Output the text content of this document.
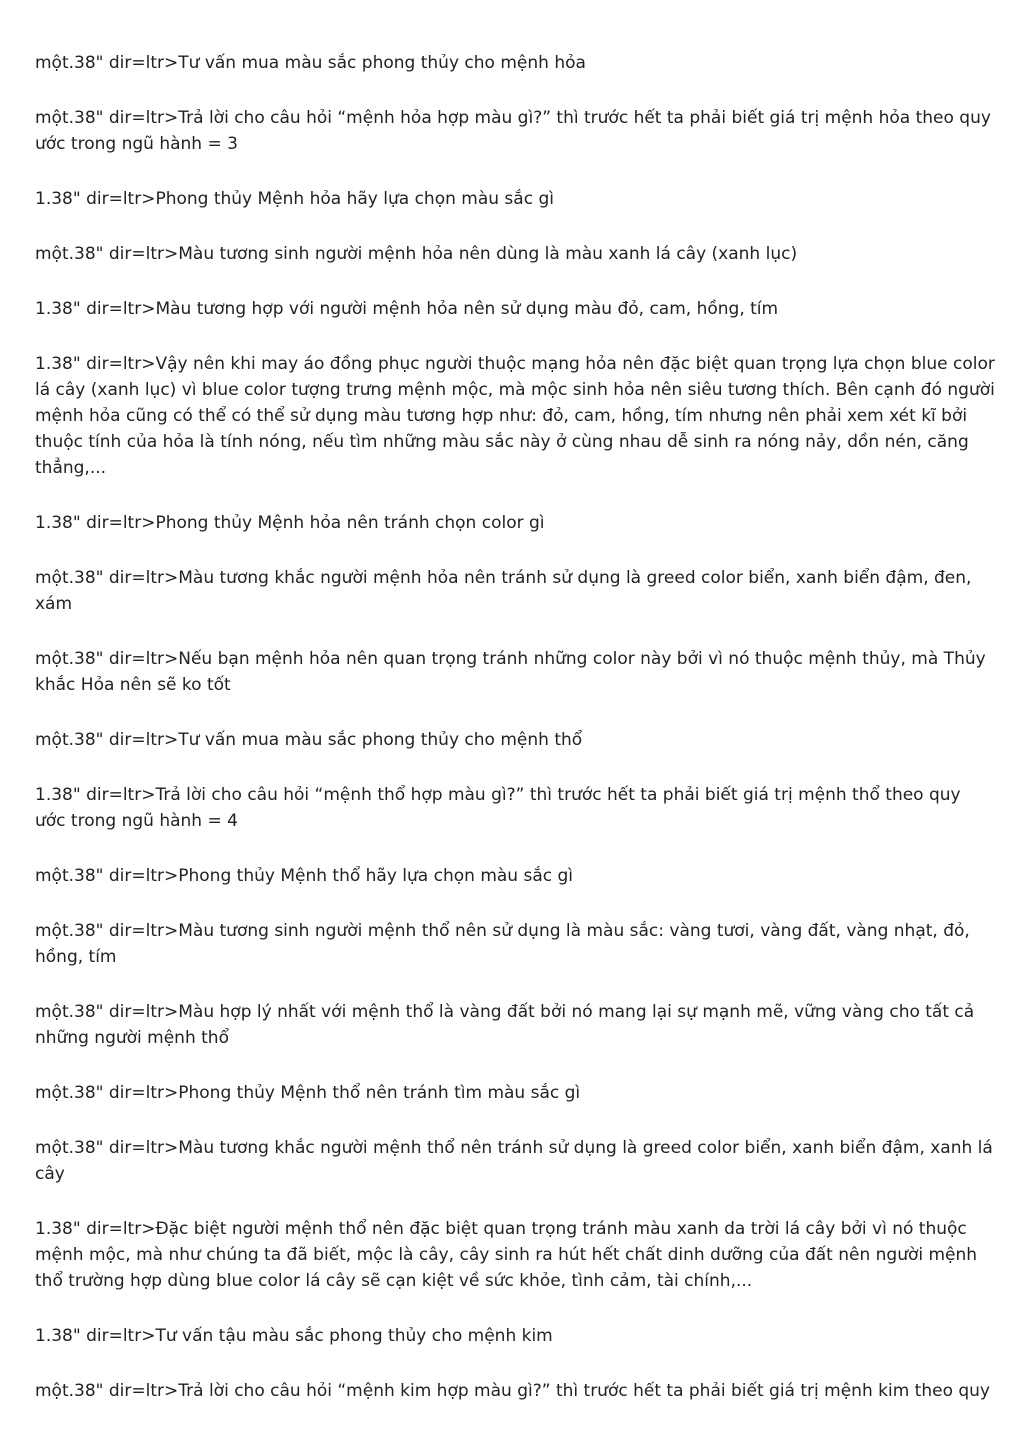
một.38" dir=ltr>Tư vấn mua màu sắc phong thủy cho mệnh hỏa

một.38" dir=ltr>Trả lời cho câu hỏi “mệnh hỏa hợp màu gì?” thì trước hết ta phải biết giá trị mệnh hỏa theo quy ước trong ngũ hành = 3

1.38" dir=ltr>Phong thủy Mệnh hỏa hãy lựa chọn màu sắc gì

một.38" dir=ltr>Màu tương sinh người mệnh hỏa nên dùng là màu xanh lá cây (xanh lục)

1.38" dir=ltr>Màu tương hợp với người mệnh hỏa nên sử dụng màu đỏ, cam, hồng, tím

1.38" dir=ltr>Vậy nên khi may áo đồng phục người thuộc mạng hỏa nên đặc biệt quan trọng lựa chọn blue color lá cây (xanh lục) vì blue color tượng trưng mệnh mộc, mà mộc sinh hỏa nên siêu tương thích. Bên cạnh đó người mệnh hỏa cũng có thể có thể sử dụng màu tương hợp như: đỏ, cam, hồng, tím nhưng nên phải xem xét kĩ bởi thuộc tính của hỏa là tính nóng, nếu tìm những màu sắc này ở cùng nhau dễ sinh ra nóng nảy, dồn nén, căng thẳng,...

1.38" dir=ltr>Phong thủy Mệnh hỏa nên tránh chọn color gì

một.38" dir=ltr>Màu tương khắc người mệnh hỏa nên tránh sử dụng là greed color biển, xanh biển đậm, đen, xám

một.38" dir=ltr>Nếu bạn mệnh hỏa nên quan trọng tránh những color này bởi vì nó thuộc mệnh thủy, mà Thủy khắc Hỏa nên sẽ ko tốt

một.38" dir=ltr>Tư vấn mua màu sắc phong thủy cho mệnh thổ

1.38" dir=ltr>Trả lời cho câu hỏi “mệnh thổ hợp màu gì?” thì trước hết ta phải biết giá trị mệnh thổ theo quy ước trong ngũ hành = 4

một.38" dir=ltr>Phong thủy Mệnh thổ hãy lựa chọn màu sắc gì

một.38" dir=ltr>Màu tương sinh người mệnh thổ nên sử dụng là màu sắc: vàng tươi, vàng đất, vàng nhạt, đỏ, hồng, tím

một.38" dir=ltr>Màu hợp lý nhất với mệnh thổ là vàng đất bởi nó mang lại sự mạnh mẽ, vững vàng cho tất cả những người mệnh thổ

một.38" dir=ltr>Phong thủy Mệnh thổ nên tránh tìm màu sắc gì

một.38" dir=ltr>Màu tương khắc người mệnh thổ nên tránh sử dụng là greed color biển, xanh biển đậm, xanh lá cây

1.38" dir=ltr>Đặc biệt người mệnh thổ nên đặc biệt quan trọng tránh màu xanh da trời lá cây bởi vì nó thuộc mệnh mộc, mà như chúng ta đã biết, mộc là cây, cây sinh ra hút hết chất dinh dưỡng của đất nên người mệnh thổ trường hợp dùng blue color lá cây sẽ cạn kiệt về sức khỏe, tình cảm, tài chính,...

1.38" dir=ltr>Tư vấn tậu màu sắc phong thủy cho mệnh kim

một.38" dir=ltr>Trả lời cho câu hỏi “mệnh kim hợp màu gì?” thì trước hết ta phải biết giá trị mệnh kim theo quy
